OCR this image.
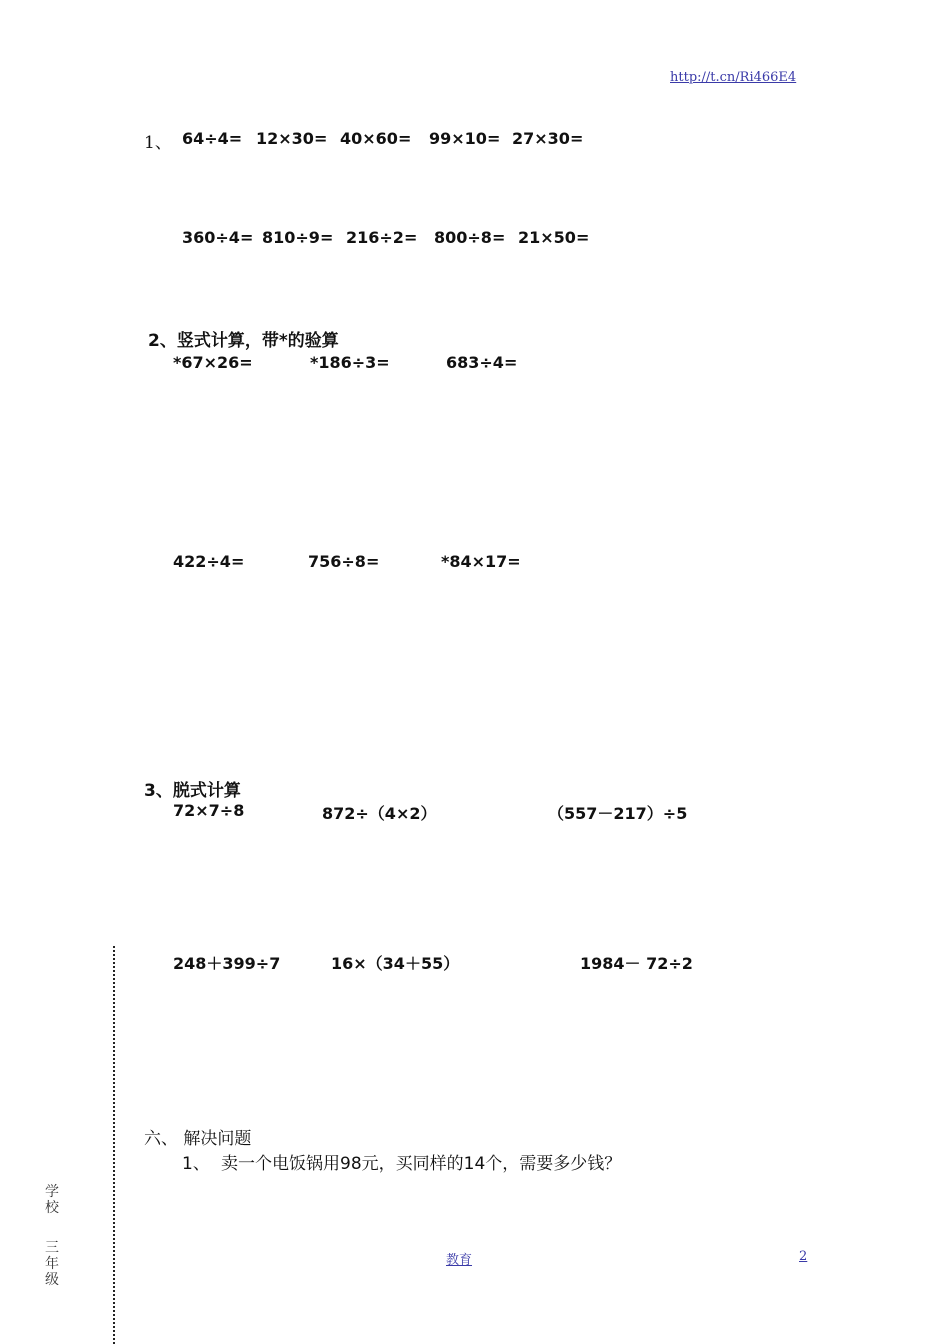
http://t.cn/Ri466E4
1、 64÷4= 12×30= 40×60= 99×10= 27×30=
360÷4= 810÷9= 216÷2= 800÷8= 21×50=
2、竖式计算，带*的验算
*67×26=	*186÷3=	683÷4=
422÷4=	756÷8=	*84×17=
3、脱式计算
72×7÷8	872÷（4×2）	（557－217）÷5
248＋399÷7	16×（34＋55）	1984－ 72÷2
六、 解决问题
1、 卖一个电饭锅用98元，买同样的14个，需要多少钱？
学校
三年级
教育	2
